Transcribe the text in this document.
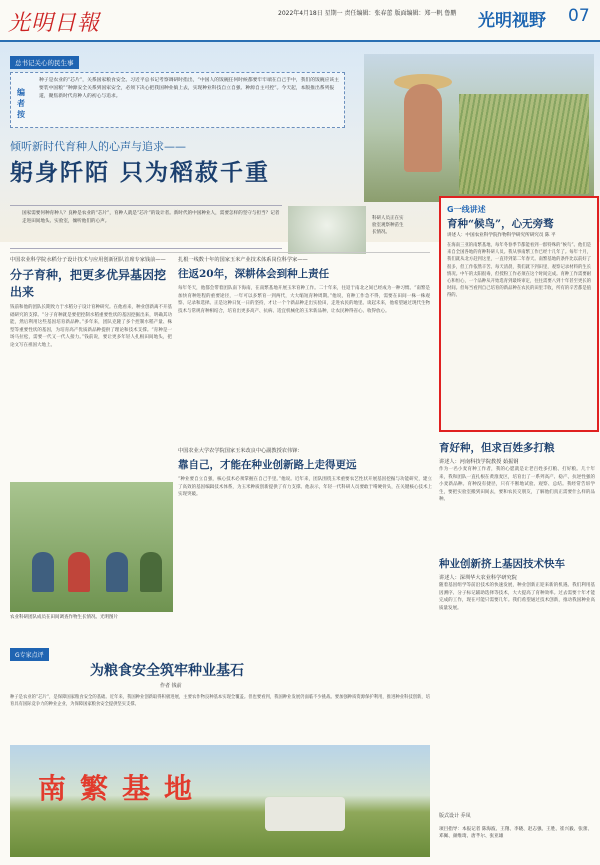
光明日報	2022年4月18日 星期一 责任编辑：张春蕾 版面编辑：郑一帆 鲁鹏 光明视野 07
总书记关心的民生事
编者按
种子是农业的“芯片”，关系国家粮食安全。习近平总书记考察调研时指出，“中国人的饭碗任何时候都要牢牢端在自己手中，我们的饭碗应该主要装中国粮”“种源安全关系到国家安全，必须下决心把我国种业搞上去，实现种业科技自立自强、种源自主可控”。今天起，本版推出系列报道，聚焦新时代育种人的初心与追求。
倾听新时代育种人的心声与追求——
躬身阡陌 只为稻菽千重
国家需要何种育种人？良种是农业的“芯片”，育种人就是“芯片”的设计者。新时代的中国种业人，需要怎样的坚守与担当？记者走进田间地头、实验室，倾听他们的心声。	科研人员正在实验室观察种苗生长情况。
中国农业科学院水稻分子设计技术与应用创新团队首席专家钱前——
分子育种，把更多优异基因挖出来
钱前和他的团队长期致力于水稻分子设计育种研究。在他看来，种业创新离不开基础研究的支撑。“分子育种就是要把控制水稻重要性状的基因挖掘出来，明确其功能，然后利用这些基因培育新品种。”多年来，团队克隆了多个控制水稻产量、株型等重要性状的基因，为培育高产优质新品种提供了理论和技术支撑。“育种是一场马拉松，需要一代又一代人接力。”钱前说，要让更多年轻人扎根田间地头，把论文写在祖国大地上。
扎根一线数十年的国家玉米产业技术体系岗位科学家——
往返20年，深耕体会到种上责任
每年冬天，他都会带着团队南下海南，在南繁基地开展玉米育种工作。二十年来，往返于南北之间已经成为一种习惯。“南繁是加快育种进程的重要途径，一年可以多繁育一到两代，大大缩短育种周期。”他说，育种工作急不得，需要在田间一株一株观察、记录和选择。正是这种日复一日的坚持，才让一个个新品种走出实验田，走进农民的地里。谈起未来，他希望通过现代生物技术与常规育种相结合，培育出更多高产、抗病、适宜机械化的玉米新品种，让农民种得省心、收得放心。
G一线讲述
育种“候鸟”，心无旁骛
讲述人：中国农业科学院作物科学研究所研究员 陈 平
在海南三亚的南繁基地，每年冬春季节都能看到一群特殊的“候鸟”。他们是来自全国各地的育种科研人员。我从事南繁工作已经十几年了。每年十月，我们就从北方赶到这里，一直待到第二年春天。南繁基地的条件比以前好了很多，但工作依然辛苦。每天清晨，我们就下到田里，观察记录材料的生长情况。中午的太阳很毒，但授粉工作必须在这个时间完成。育种工作需要耐心和恒心，一个品种从开始选育到最终审定，往往需要八到十年甚至更长的时间。但每当看到自己培育的新品种在农民的田里丰收，所有的辛苦都是值得的。
中国农业大学农学院国家玉米改良中心副教授农伟锋：
靠自己，才能在种业创新路上走得更远
“种业要自立自强，核心技术必须掌握在自己手里。”他说。近年来，团队围绕玉米重要农艺性状开展基因挖掘与功能研究，建立了高效的基因编辑技术体系，为玉米种质创新提供了有力支撑。他表示，年轻一代科研人员要敢于啃硬骨头，在关键核心技术上实现突破。
农业科研团队成员在田间调查作物生长情况。光明图片
育好种，但求百姓多打粮
讲述人：河南科技学院教授 茹振钢
作为一名小麦育种工作者，我的心愿就是让老百姓多打粮、打好粮。几十年来，我和团队一直扎根在黄淮麦区，培育出了一系列高产、稳产、抗逆性强的小麦新品种。育种没有捷径，只有不断地试验、观察、总结。我经常告诉学生，要把实验室搬到田间去，要和农民交朋友，了解他们真正需要什么样的品种。
种业创新挤上基因技术快车
讲述人：深圳华大农业科学研究院
随着基因组学等前沿技术的快速发展，种业创新正迎来新的机遇。我们利用基因测序、分子标记辅助选择等技术，大大提高了育种效率。过去需要十年才能完成的工作，现在可能只需要几年。我们希望通过技术创新，推动我国种业高质量发展。
G专家点评
为粮食安全筑牢种业基石
作者 钱前
种子是农业的“芯片”，是保障国家粮食安全的基础。近年来，我国种业创新取得积极进展，主要农作物良种基本实现全覆盖。但也要看到，我国种业发展仍面临不少挑战。要加强种质资源保护利用，推进种业科技创新，培育具有国际竞争力的种业企业，为保障国家粮食安全提供坚实支撑。
南繁基地
版式设计 乔凤
项目指导：本报记者 陈海波、王翔、李晓、赵志强、王胜、崔兴毅、张蕾、邓佩、颜维琦、唐芊尔、张亚雄
